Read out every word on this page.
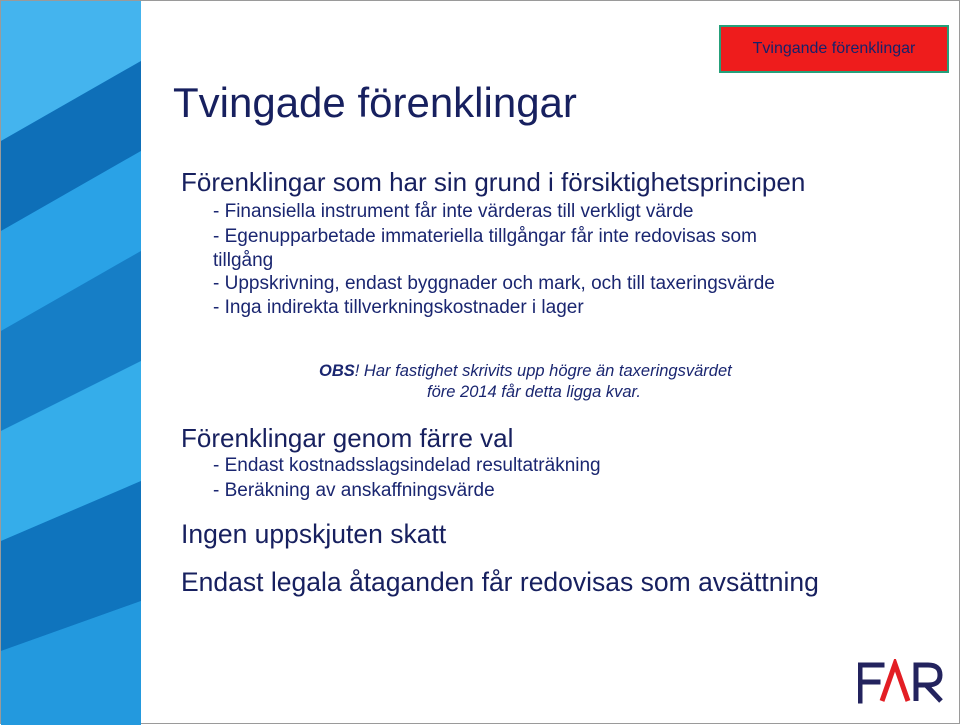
Tvingande förenklingar
Tvingade förenklingar
Förenklingar som har sin grund i försiktighetsprincipen
- Finansiella instrument får inte värderas till verkligt värde
- Egenupparbetade immateriella tillgångar får inte redovisas som
tillgång
- Uppskrivning, endast byggnader och mark, och till taxeringsvärde
- Inga indirekta tillverkningskostnader i lager
OBS! Har fastighet skrivits upp högre än taxeringsvärdet
före 2014 får detta ligga kvar.
Förenklingar genom färre val
- Endast kostnadsslagsindelad resultaträkning
- Beräkning av anskaffningsvärde
Ingen uppskjuten skatt
Endast legala åtaganden får redovisas som avsättning
